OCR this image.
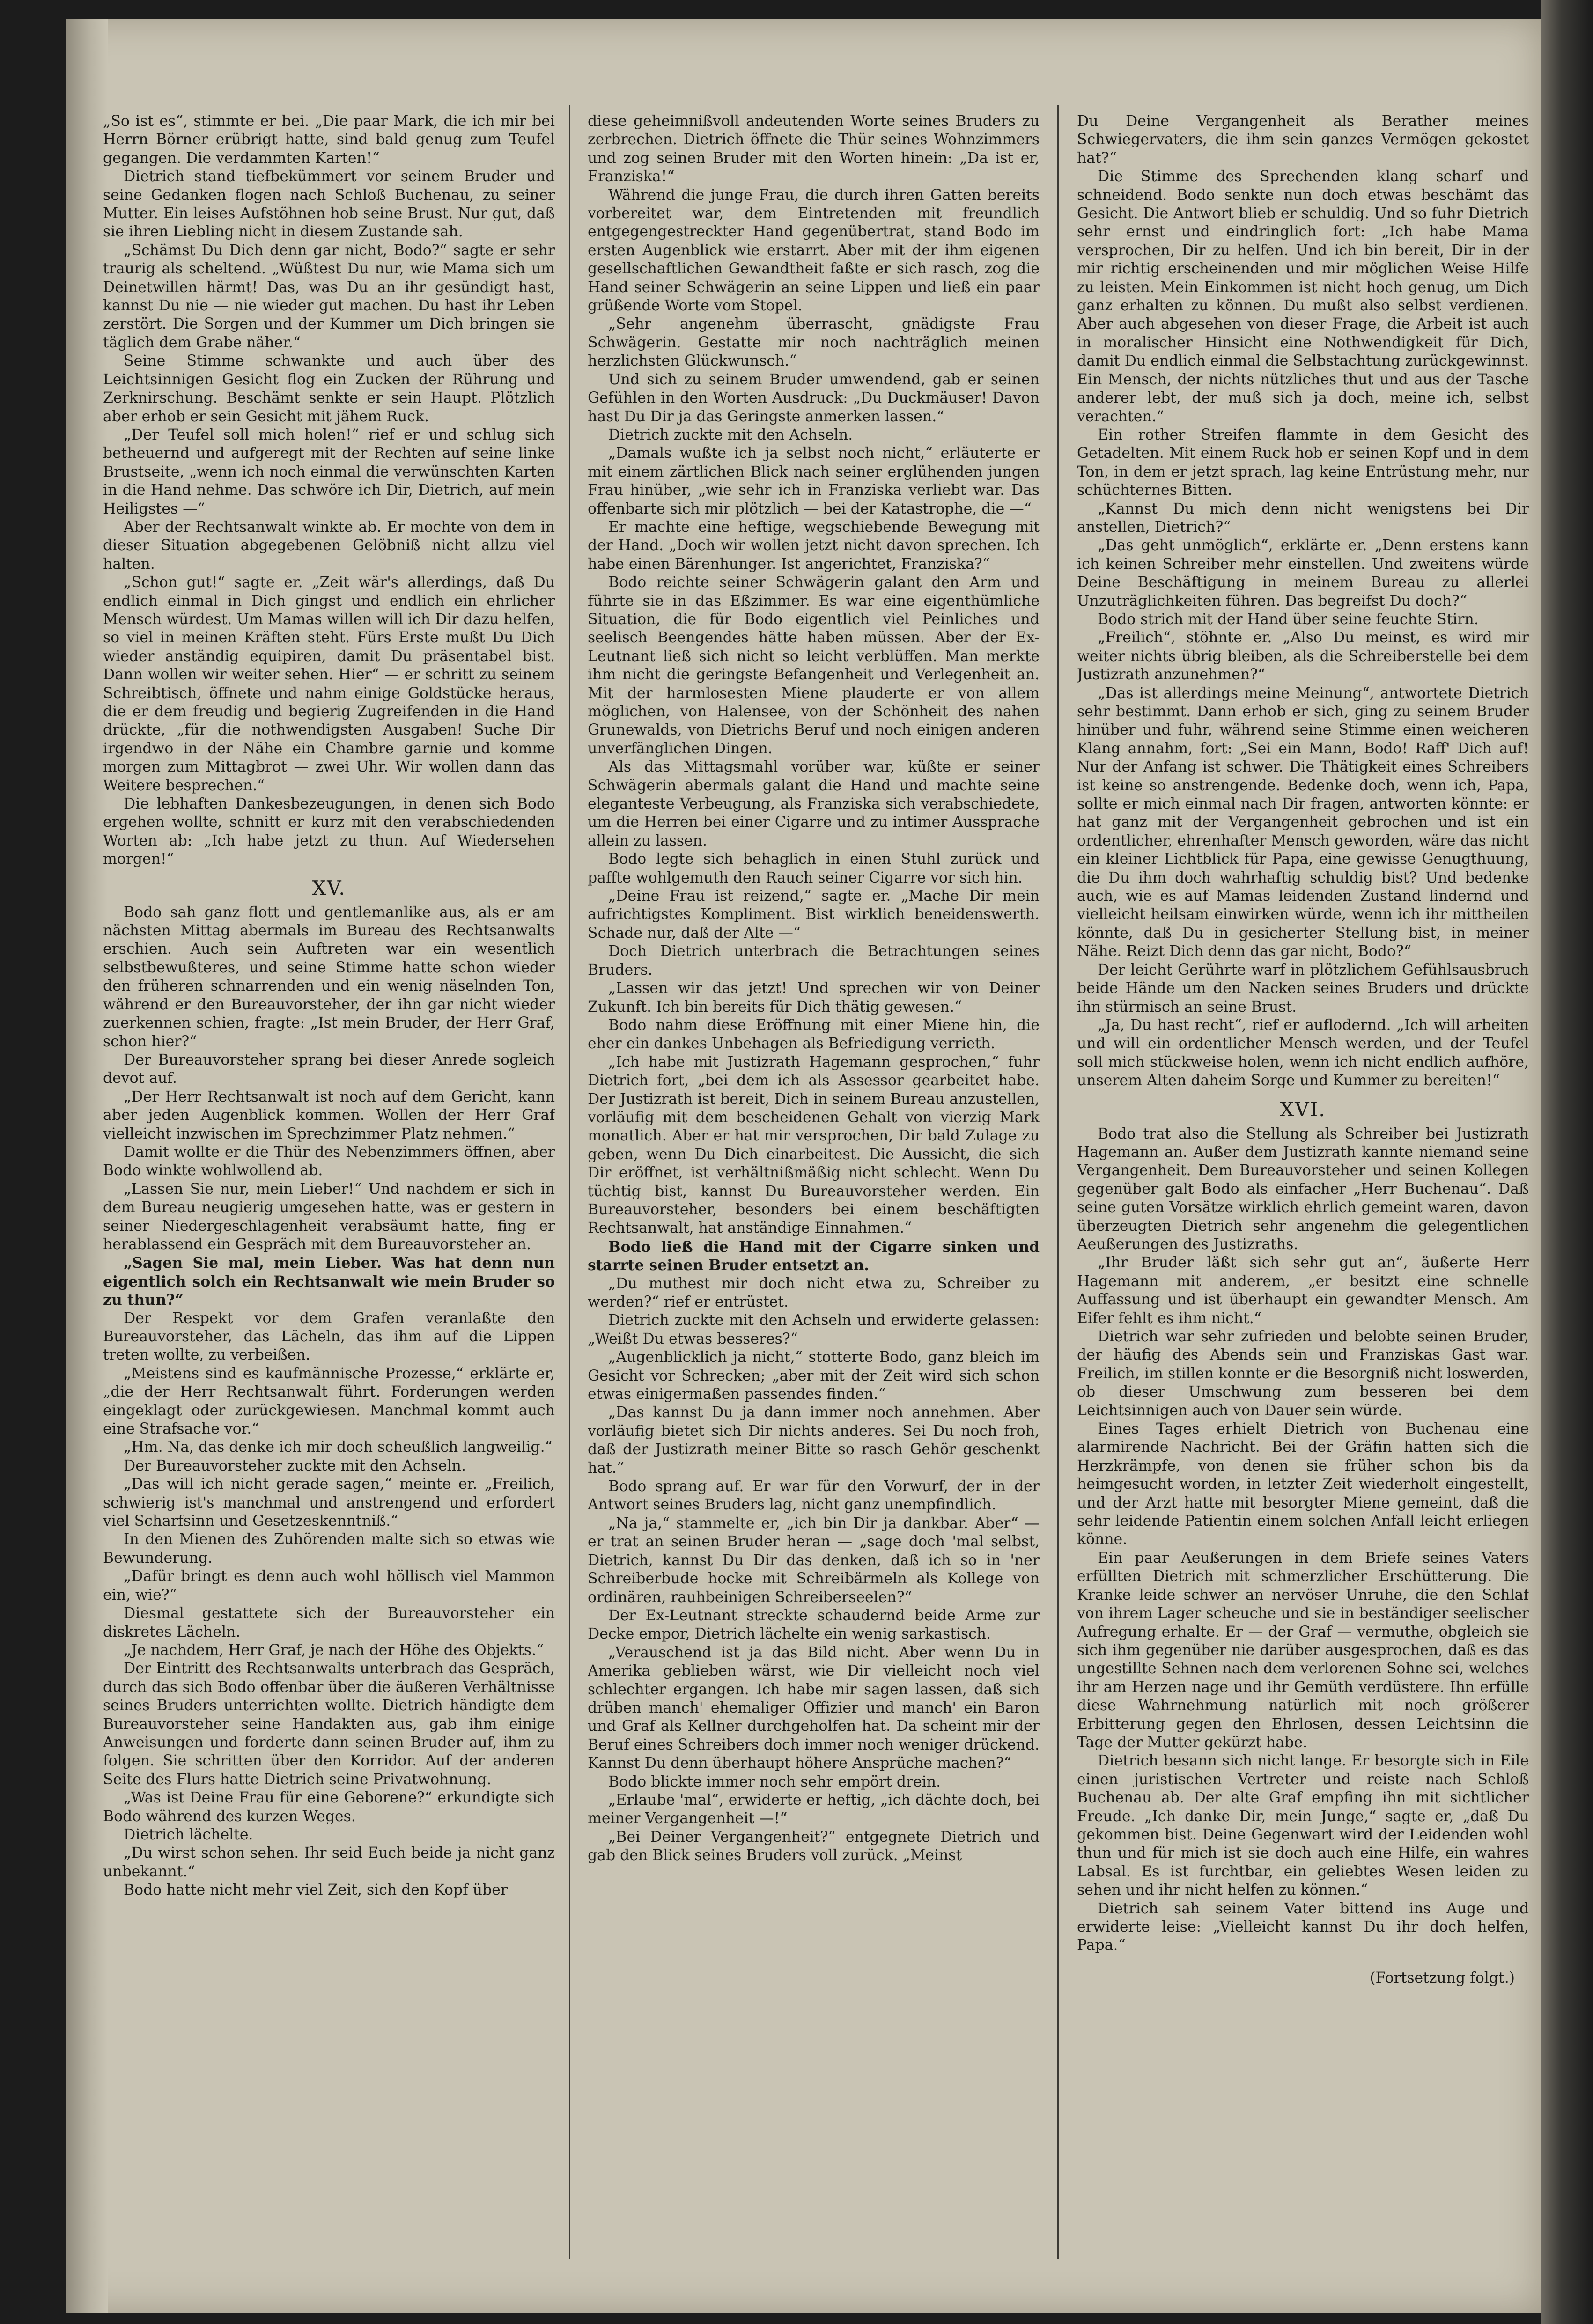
„So ist es“, stimmte er bei. „Die paar Mark, die ich mir bei Herrn Börner erübrigt hatte, sind bald genug zum Teufel gegangen. Die verdammten Karten!“

Dietrich stand tiefbekümmert vor seinem Bruder und seine Gedanken flogen nach Schloß Buchenau, zu seiner Mutter. Ein leises Aufstöhnen hob seine Brust. Nur gut, daß sie ihren Liebling nicht in diesem Zustande sah.

„Schämst Du Dich denn gar nicht, Bodo?“ sagte er sehr traurig als scheltend. „Wüßtest Du nur, wie Mama sich um Deinetwillen härmt! Das, was Du an ihr gesündigt hast, kannst Du nie — nie wieder gut machen. Du hast ihr Leben zerstört. Die Sorgen und der Kummer um Dich bringen sie täglich dem Grabe näher.“

Seine Stimme schwankte und auch über des Leichtsinnigen Gesicht flog ein Zucken der Rührung und Zerknirschung. Beschämt senkte er sein Haupt. Plötzlich aber erhob er sein Gesicht mit jähem Ruck.

„Der Teufel soll mich holen!“ rief er und schlug sich betheuernd und aufgeregt mit der Rechten auf seine linke Brustseite, „wenn ich noch einmal die verwünschten Karten in die Hand nehme. Das schwöre ich Dir, Dietrich, auf mein Heiligstes —“

Aber der Rechtsanwalt winkte ab. Er mochte von dem in dieser Situation abgegebenen Gelöbniß nicht allzu viel halten.

„Schon gut!“ sagte er. „Zeit wär's allerdings, daß Du endlich einmal in Dich gingst und endlich ein ehrlicher Mensch würdest. Um Mamas willen will ich Dir dazu helfen, so viel in meinen Kräften steht. Fürs Erste mußt Du Dich wieder anständig equipiren, damit Du präsentabel bist. Dann wollen wir weiter sehen. Hier“ — er schritt zu seinem Schreibtisch, öffnete und nahm einige Goldstücke heraus, die er dem freudig und begierig Zugreifenden in die Hand drückte, „für die nothwendigsten Ausgaben! Suche Dir irgendwo in der Nähe ein Chambre garnie und komme morgen zum Mittagbrot — zwei Uhr. Wir wollen dann das Weitere besprechen.“

Die lebhaften Dankesbezeugungen, in denen sich Bodo ergehen wollte, schnitt er kurz mit den verabschiedenden Worten ab: „Ich habe jetzt zu thun. Auf Wiedersehen morgen!“

XV.

Bodo sah ganz flott und gentlemanlike aus, als er am nächsten Mittag abermals im Bureau des Rechtsanwalts erschien. Auch sein Auftreten war ein wesentlich selbstbewußteres, und seine Stimme hatte schon wieder den früheren schnarrenden und ein wenig näselnden Ton, während er den Bureauvorsteher, der ihn gar nicht wieder zuerkennen schien, fragte: „Ist mein Bruder, der Herr Graf, schon hier?“

Der Bureauvorsteher sprang bei dieser Anrede sogleich devot auf.

„Der Herr Rechtsanwalt ist noch auf dem Gericht, kann aber jeden Augenblick kommen. Wollen der Herr Graf vielleicht inzwischen im Sprechzimmer Platz nehmen.“

Damit wollte er die Thür des Nebenzimmers öffnen, aber Bodo winkte wohlwollend ab.

„Lassen Sie nur, mein Lieber!“ Und nachdem er sich in dem Bureau neugierig umgesehen hatte, was er gestern in seiner Niedergeschlagenheit verabsäumt hatte, fing er herablassend ein Gespräch mit dem Bureauvorsteher an.

„Sagen Sie mal, mein Lieber. Was hat denn nun eigentlich solch ein Rechtsanwalt wie mein Bruder so zu thun?“

Der Respekt vor dem Grafen veranlaßte den Bureauvorsteher, das Lächeln, das ihm auf die Lippen treten wollte, zu verbeißen.

„Meistens sind es kaufmännische Prozesse,“ erklärte er, „die der Herr Rechtsanwalt führt. Forderungen werden eingeklagt oder zurückgewiesen. Manchmal kommt auch eine Strafsache vor.“

„Hm. Na, das denke ich mir doch scheußlich langweilig.“

Der Bureauvorsteher zuckte mit den Achseln.

„Das will ich nicht gerade sagen,“ meinte er. „Freilich, schwierig ist's manchmal und anstrengend und erfordert viel Scharfsinn und Gesetzeskenntniß.“

In den Mienen des Zuhörenden malte sich so etwas wie Bewunderung.

„Dafür bringt es denn auch wohl höllisch viel Mammon ein, wie?“

Diesmal gestattete sich der Bureauvorsteher ein diskretes Lächeln.

„Je nachdem, Herr Graf, je nach der Höhe des Objekts.“

Der Eintritt des Rechtsanwalts unterbrach das Gespräch, durch das sich Bodo offenbar über die äußeren Verhältnisse seines Bruders unterrichten wollte. Dietrich händigte dem Bureauvorsteher seine Handakten aus, gab ihm einige Anweisungen und forderte dann seinen Bruder auf, ihm zu folgen. Sie schritten über den Korridor. Auf der anderen Seite des Flurs hatte Dietrich seine Privatwohnung.

„Was ist Deine Frau für eine Geborene?“ erkundigte sich Bodo während des kurzen Weges.

Dietrich lächelte.

„Du wirst schon sehen. Ihr seid Euch beide ja nicht ganz unbekannt.“

Bodo hatte nicht mehr viel Zeit, sich den Kopf über

diese geheimnißvoll andeutenden Worte seines Bruders zu zerbrechen. Dietrich öffnete die Thür seines Wohnzimmers und zog seinen Bruder mit den Worten hinein: „Da ist er, Franziska!“

Während die junge Frau, die durch ihren Gatten bereits vorbereitet war, dem Eintretenden mit freundlich entgegengestreckter Hand gegenübertrat, stand Bodo im ersten Augenblick wie erstarrt. Aber mit der ihm eigenen gesellschaftlichen Gewandtheit faßte er sich rasch, zog die Hand seiner Schwägerin an seine Lippen und ließ ein paar grüßende Worte vom Stopel.

„Sehr angenehm überrascht, gnädigste Frau Schwägerin. Gestatte mir noch nachträglich meinen herzlichsten Glückwunsch.“

Und sich zu seinem Bruder umwendend, gab er seinen Gefühlen in den Worten Ausdruck: „Du Duckmäuser! Davon hast Du Dir ja das Geringste anmerken lassen.“

Dietrich zuckte mit den Achseln.

„Damals wußte ich ja selbst noch nicht,“ erläuterte er mit einem zärtlichen Blick nach seiner erglühenden jungen Frau hinüber, „wie sehr ich in Franziska verliebt war. Das offenbarte sich mir plötzlich — bei der Katastrophe, die —“

Er machte eine heftige, wegschiebende Bewegung mit der Hand. „Doch wir wollen jetzt nicht davon sprechen. Ich habe einen Bärenhunger. Ist angerichtet, Franziska?“

Bodo reichte seiner Schwägerin galant den Arm und führte sie in das Eßzimmer. Es war eine eigenthümliche Situation, die für Bodo eigentlich viel Peinliches und seelisch Beengendes hätte haben müssen. Aber der Ex-Leutnant ließ sich nicht so leicht verblüffen. Man merkte ihm nicht die geringste Befangenheit und Verlegenheit an. Mit der harmlosesten Miene plauderte er von allem möglichen, von Halensee, von der Schönheit des nahen Grunewalds, von Dietrichs Beruf und noch einigen anderen unverfänglichen Dingen.

Als das Mittagsmahl vorüber war, küßte er seiner Schwägerin abermals galant die Hand und machte seine eleganteste Verbeugung, als Franziska sich verabschiedete, um die Herren bei einer Cigarre und zu intimer Aussprache allein zu lassen.

Bodo legte sich behaglich in einen Stuhl zurück und paffte wohlgemuth den Rauch seiner Cigarre vor sich hin.

„Deine Frau ist reizend,“ sagte er. „Mache Dir mein aufrichtigstes Kompliment. Bist wirklich beneidenswerth. Schade nur, daß der Alte —“

Doch Dietrich unterbrach die Betrachtungen seines Bruders.

„Lassen wir das jetzt! Und sprechen wir von Deiner Zukunft. Ich bin bereits für Dich thätig gewesen.“

Bodo nahm diese Eröffnung mit einer Miene hin, die eher ein dankes Unbehagen als Befriedigung verrieth.

„Ich habe mit Justizrath Hagemann gesprochen,“ fuhr Dietrich fort, „bei dem ich als Assessor gearbeitet habe. Der Justizrath ist bereit, Dich in seinem Bureau anzustellen, vorläufig mit dem bescheidenen Gehalt von vierzig Mark monatlich. Aber er hat mir versprochen, Dir bald Zulage zu geben, wenn Du Dich einarbeitest. Die Aussicht, die sich Dir eröffnet, ist verhältnißmäßig nicht schlecht. Wenn Du tüchtig bist, kannst Du Bureauvorsteher werden. Ein Bureauvorsteher, besonders bei einem beschäftigten Rechtsanwalt, hat anständige Einnahmen.“

Bodo ließ die Hand mit der Cigarre sinken und starrte seinen Bruder entsetzt an.

„Du muthest mir doch nicht etwa zu, Schreiber zu werden?“ rief er entrüstet.

Dietrich zuckte mit den Achseln und erwiderte gelassen: „Weißt Du etwas besseres?“

„Augenblicklich ja nicht,“ stotterte Bodo, ganz bleich im Gesicht vor Schrecken; „aber mit der Zeit wird sich schon etwas einigermaßen passendes finden.“

„Das kannst Du ja dann immer noch annehmen. Aber vorläufig bietet sich Dir nichts anderes. Sei Du noch froh, daß der Justizrath meiner Bitte so rasch Gehör geschenkt hat.“

Bodo sprang auf. Er war für den Vorwurf, der in der Antwort seines Bruders lag, nicht ganz unempfindlich.

„Na ja,“ stammelte er, „ich bin Dir ja dankbar. Aber“ — er trat an seinen Bruder heran — „sage doch 'mal selbst, Dietrich, kannst Du Dir das denken, daß ich so in 'ner Schreiberbude hocke mit Schreibärmeln als Kollege von ordinären, rauhbeinigen Schreiberseelen?“

Der Ex-Leutnant streckte schaudernd beide Arme zur Decke empor, Dietrich lächelte ein wenig sarkastisch.

„Verauschend ist ja das Bild nicht. Aber wenn Du in Amerika geblieben wärst, wie Dir vielleicht noch viel schlechter ergangen. Ich habe mir sagen lassen, daß sich drüben manch' ehemaliger Offizier und manch' ein Baron und Graf als Kellner durchgeholfen hat. Da scheint mir der Beruf eines Schreibers doch immer noch weniger drückend. Kannst Du denn überhaupt höhere Ansprüche machen?“

Bodo blickte immer noch sehr empört drein.

„Erlaube 'mal“, erwiderte er heftig, „ich dächte doch, bei meiner Vergangenheit —!“

„Bei Deiner Vergangenheit?“ entgegnete Dietrich und gab den Blick seines Bruders voll zurück. „Meinst

Du Deine Vergangenheit als Berather meines Schwiegervaters, die ihm sein ganzes Vermögen gekostet hat?“

Die Stimme des Sprechenden klang scharf und schneidend. Bodo senkte nun doch etwas beschämt das Gesicht. Die Antwort blieb er schuldig. Und so fuhr Dietrich sehr ernst und eindringlich fort: „Ich habe Mama versprochen, Dir zu helfen. Und ich bin bereit, Dir in der mir richtig erscheinenden und mir möglichen Weise Hilfe zu leisten. Mein Einkommen ist nicht hoch genug, um Dich ganz erhalten zu können. Du mußt also selbst verdienen. Aber auch abgesehen von dieser Frage, die Arbeit ist auch in moralischer Hinsicht eine Nothwendigkeit für Dich, damit Du endlich einmal die Selbstachtung zurückgewinnst. Ein Mensch, der nichts nützliches thut und aus der Tasche anderer lebt, der muß sich ja doch, meine ich, selbst verachten.“

Ein rother Streifen flammte in dem Gesicht des Getadelten. Mit einem Ruck hob er seinen Kopf und in dem Ton, in dem er jetzt sprach, lag keine Entrüstung mehr, nur schüchternes Bitten.

„Kannst Du mich denn nicht wenigstens bei Dir anstellen, Dietrich?“

„Das geht unmöglich“, erklärte er. „Denn erstens kann ich keinen Schreiber mehr einstellen. Und zweitens würde Deine Beschäftigung in meinem Bureau zu allerlei Unzuträglichkeiten führen. Das begreifst Du doch?“

Bodo strich mit der Hand über seine feuchte Stirn.

„Freilich“, stöhnte er. „Also Du meinst, es wird mir weiter nichts übrig bleiben, als die Schreiberstelle bei dem Justizrath anzunehmen?“

„Das ist allerdings meine Meinung“, antwortete Dietrich sehr bestimmt. Dann erhob er sich, ging zu seinem Bruder hinüber und fuhr, während seine Stimme einen weicheren Klang annahm, fort: „Sei ein Mann, Bodo! Raff' Dich auf! Nur der Anfang ist schwer. Die Thätigkeit eines Schreibers ist keine so anstrengende. Bedenke doch, wenn ich, Papa, sollte er mich einmal nach Dir fragen, antworten könnte: er hat ganz mit der Vergangenheit gebrochen und ist ein ordentlicher, ehrenhafter Mensch geworden, wäre das nicht ein kleiner Lichtblick für Papa, eine gewisse Genugthuung, die Du ihm doch wahrhaftig schuldig bist? Und bedenke auch, wie es auf Mamas leidenden Zustand lindernd und vielleicht heilsam einwirken würde, wenn ich ihr mittheilen könnte, daß Du in gesicherter Stellung bist, in meiner Nähe. Reizt Dich denn das gar nicht, Bodo?“

Der leicht Gerührte warf in plötzlichem Gefühlsausbruch beide Hände um den Nacken seines Bruders und drückte ihn stürmisch an seine Brust.

„Ja, Du hast recht“, rief er auflodernd. „Ich will arbeiten und will ein ordentlicher Mensch werden, und der Teufel soll mich stückweise holen, wenn ich nicht endlich aufhöre, unserem Alten daheim Sorge und Kummer zu bereiten!“

XVI.

Bodo trat also die Stellung als Schreiber bei Justizrath Hagemann an. Außer dem Justizrath kannte niemand seine Vergangenheit. Dem Bureauvorsteher und seinen Kollegen gegenüber galt Bodo als einfacher „Herr Buchenau“. Daß seine guten Vorsätze wirklich ehrlich gemeint waren, davon überzeugten Dietrich sehr angenehm die gelegentlichen Aeußerungen des Justizraths.

„Ihr Bruder läßt sich sehr gut an“, äußerte Herr Hagemann mit anderem, „er besitzt eine schnelle Auffassung und ist überhaupt ein gewandter Mensch. Am Eifer fehlt es ihm nicht.“

Dietrich war sehr zufrieden und belobte seinen Bruder, der häufig des Abends sein und Franziskas Gast war. Freilich, im stillen konnte er die Besorgniß nicht loswerden, ob dieser Umschwung zum besseren bei dem Leichtsinnigen auch von Dauer sein würde.

Eines Tages erhielt Dietrich von Buchenau eine alarmirende Nachricht. Bei der Gräfin hatten sich die Herzkrämpfe, von denen sie früher schon bis da heimgesucht worden, in letzter Zeit wiederholt eingestellt, und der Arzt hatte mit besorgter Miene gemeint, daß die sehr leidende Patientin einem solchen Anfall leicht erliegen könne.

Ein paar Aeußerungen in dem Briefe seines Vaters erfüllten Dietrich mit schmerzlicher Erschütterung. Die Kranke leide schwer an nervöser Unruhe, die den Schlaf von ihrem Lager scheuche und sie in beständiger seelischer Aufregung erhalte. Er — der Graf — vermuthe, obgleich sie sich ihm gegenüber nie darüber ausgesprochen, daß es das ungestillte Sehnen nach dem verlorenen Sohne sei, welches ihr am Herzen nage und ihr Gemüth verdüstere. Ihn erfülle diese Wahrnehmung natürlich mit noch größerer Erbitterung gegen den Ehrlosen, dessen Leichtsinn die Tage der Mutter gekürzt habe.

Dietrich besann sich nicht lange. Er besorgte sich in Eile einen juristischen Vertreter und reiste nach Schloß Buchenau ab. Der alte Graf empfing ihn mit sichtlicher Freude. „Ich danke Dir, mein Junge,“ sagte er, „daß Du gekommen bist. Deine Gegenwart wird der Leidenden wohl thun und für mich ist sie doch auch eine Hilfe, ein wahres Labsal. Es ist furchtbar, ein geliebtes Wesen leiden zu sehen und ihr nicht helfen zu können.“

Dietrich sah seinem Vater bittend ins Auge und erwiderte leise: „Vielleicht kannst Du ihr doch helfen, Papa.“

(Fortsetzung folgt.)
